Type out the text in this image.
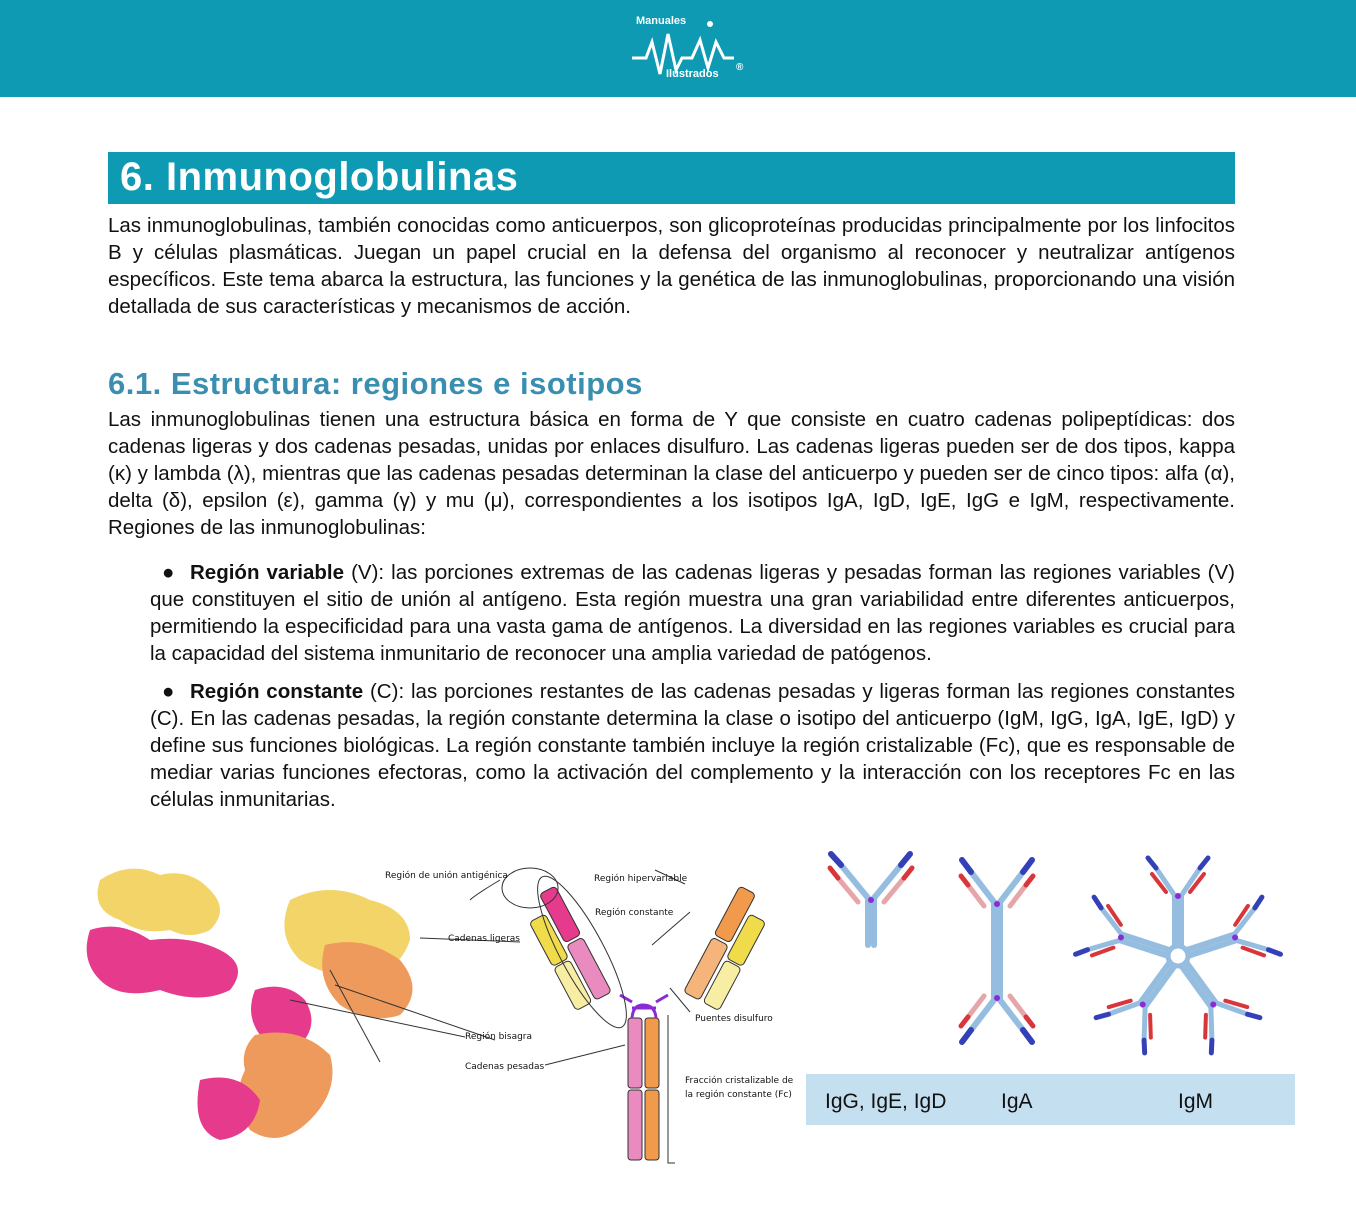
Manuales
Ilustrados
®
6. Inmunoglobulinas

Las inmunoglobulinas, también conocidas como anticuerpos, son glicoproteínas producidas principalmente por los linfocitos B y células plasmáticas. Juegan un papel crucial en la defensa del organismo al reconocer y neutralizar antígenos específicos. Este tema abarca la estructura, las funciones y la genética de las inmunoglobulinas, proporcionando una visión detallada de sus características y mecanismos de acción.

6.1. Estructura: regiones e isotipos

Las inmunoglobulinas tienen una estructura básica en forma de Y que consiste en cuatro cadenas polipeptídicas: dos cadenas ligeras y dos cadenas pesadas, unidas por enlaces disulfuro. Las cadenas ligeras pueden ser de dos tipos, kappa (κ) y lambda (λ), mientras que las cadenas pesadas determinan la clase del anticuerpo y pueden ser de cinco tipos: alfa (α), delta (δ), epsilon (ε), gamma (γ) y mu (μ), correspondientes a los isotipos IgA, IgD, IgE, IgG e IgM, respectivamente. Regiones de las inmunoglobulinas:

● Región variable (V): las porciones extremas de las cadenas ligeras y pesadas forman las regiones variables (V) que constituyen el sitio de unión al antígeno. Esta región muestra una gran variabilidad entre diferentes anticuerpos, permitiendo la especificidad para una vasta gama de antígenos. La diversidad en las regiones variables es crucial para la capacidad del sistema inmunitario de reconocer una amplia variedad de patógenos.

● Región constante (C): las porciones restantes de las cadenas pesadas y ligeras forman las regiones constantes (C). En las cadenas pesadas, la región constante determina la clase o isotipo del anticuerpo (IgM, IgG, IgA, IgE, IgD) y define sus funciones biológicas. La región constante también incluye la región cristalizable (Fc), que es responsable de mediar varias funciones efectoras, como la activación del complemento y la interacción con los receptores Fc en las células inmunitarias.

Región de unión antigénica	Región hipervariable
Región constante
Cadenas ligeras
Puentes disulfuro
Región bisagra
Cadenas pesadas
Fracción cristalizable de
la región constante (Fc) IgG, IgE, IgD	IgA	IgM
